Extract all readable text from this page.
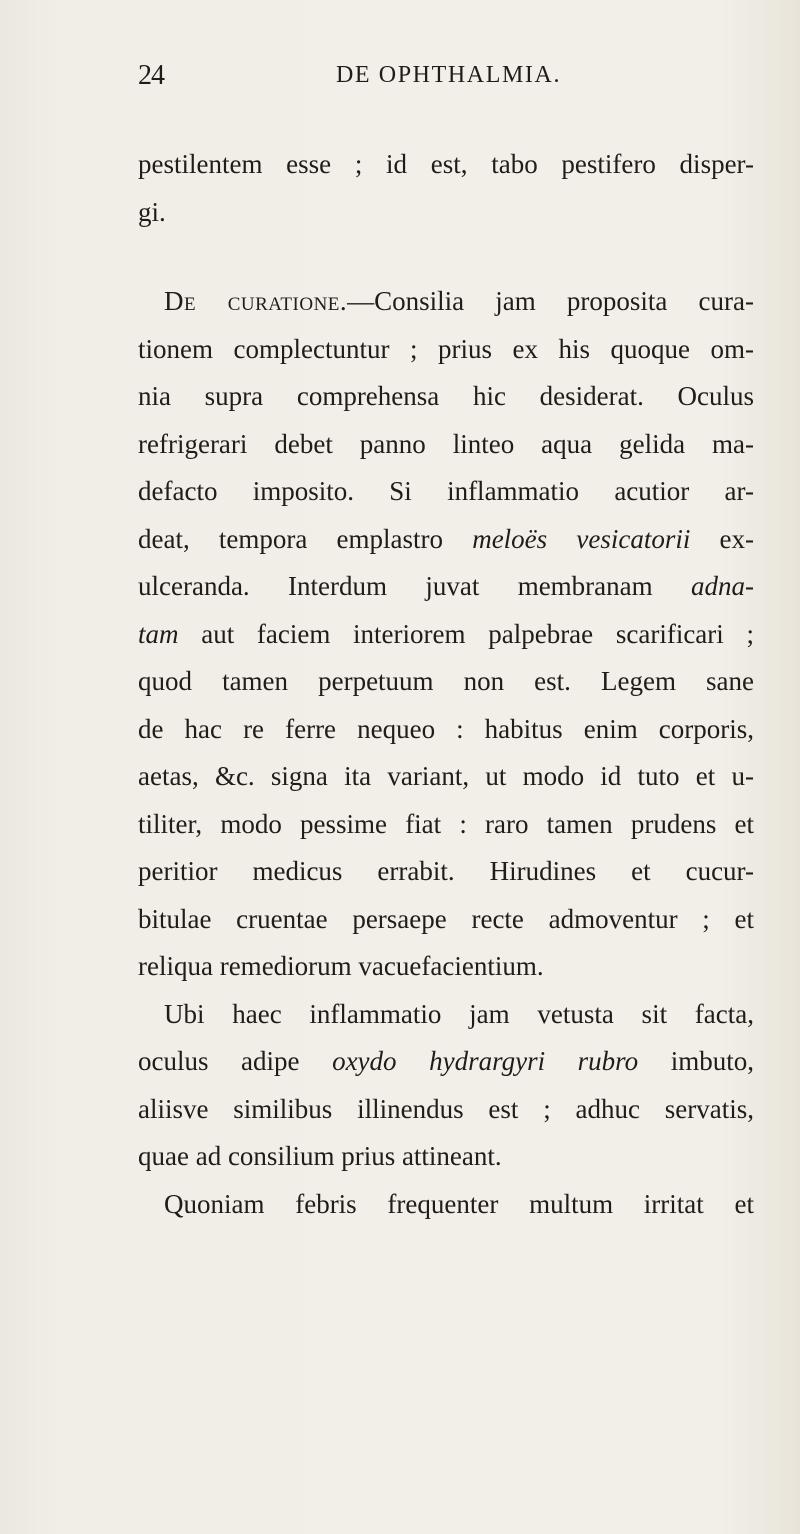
24	DE OPHTHALMIA.
pestilentem esse ; id est, tabo pestifero disper-
gi.
De curatione.—Consilia jam proposita cura-
tionem complectuntur ; prius ex his quoque om-
nia supra comprehensa hic desiderat. Oculus
refrigerari debet panno linteo aqua gelida ma-
defacto imposito. Si inflammatio acutior ar-
deat, tempora emplastro meloës vesicatorii ex-
ulceranda. Interdum juvat membranam adna-
tam aut faciem interiorem palpebrae scarificari ;
quod tamen perpetuum non est. Legem sane
de hac re ferre nequeo : habitus enim corporis,
aetas, &c. signa ita variant, ut modo id tuto et u-
tiliter, modo pessime fiat : raro tamen prudens et
peritior medicus errabit. Hirudines et cucur-
bitulae cruentae persaepe recte admoventur ; et
reliqua remediorum vacuefacientium.
Ubi haec inflammatio jam vetusta sit facta,
oculus adipe oxydo hydrargyri rubro imbuto,
aliisve similibus illinendus est ; adhuc servatis,
quae ad consilium prius attineant.
Quoniam febris frequenter multum irritat et
